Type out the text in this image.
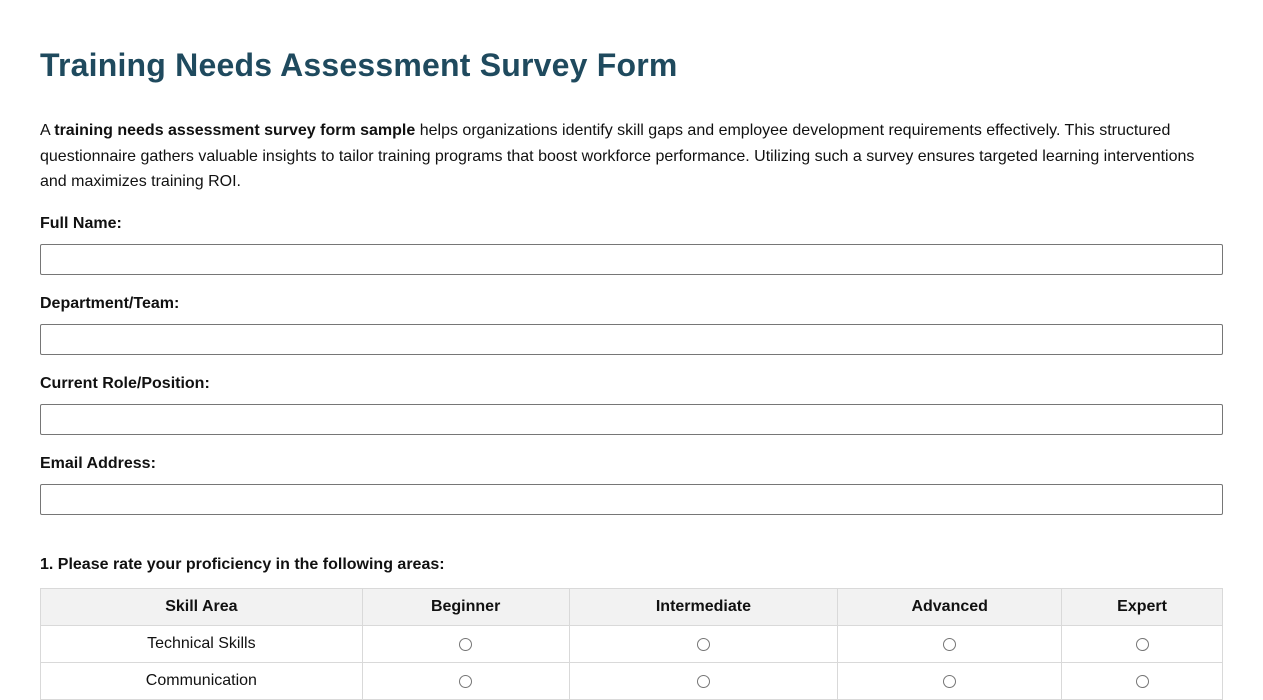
Training Needs Assessment Survey Form

A training needs assessment survey form sample helps organizations identify skill gaps and employee development requirements effectively. This structured questionnaire gathers valuable insights to tailor training programs that boost workforce performance. Utilizing such a survey ensures targeted learning interventions and maximizes training ROI.

Full Name:
Department/Team:
Current Role/Position:
Email Address:
1. Please rate your proficiency in the following areas:
Skill Area	Beginner	Intermediate	Advanced	Expert
Technical Skills				
Communication				
